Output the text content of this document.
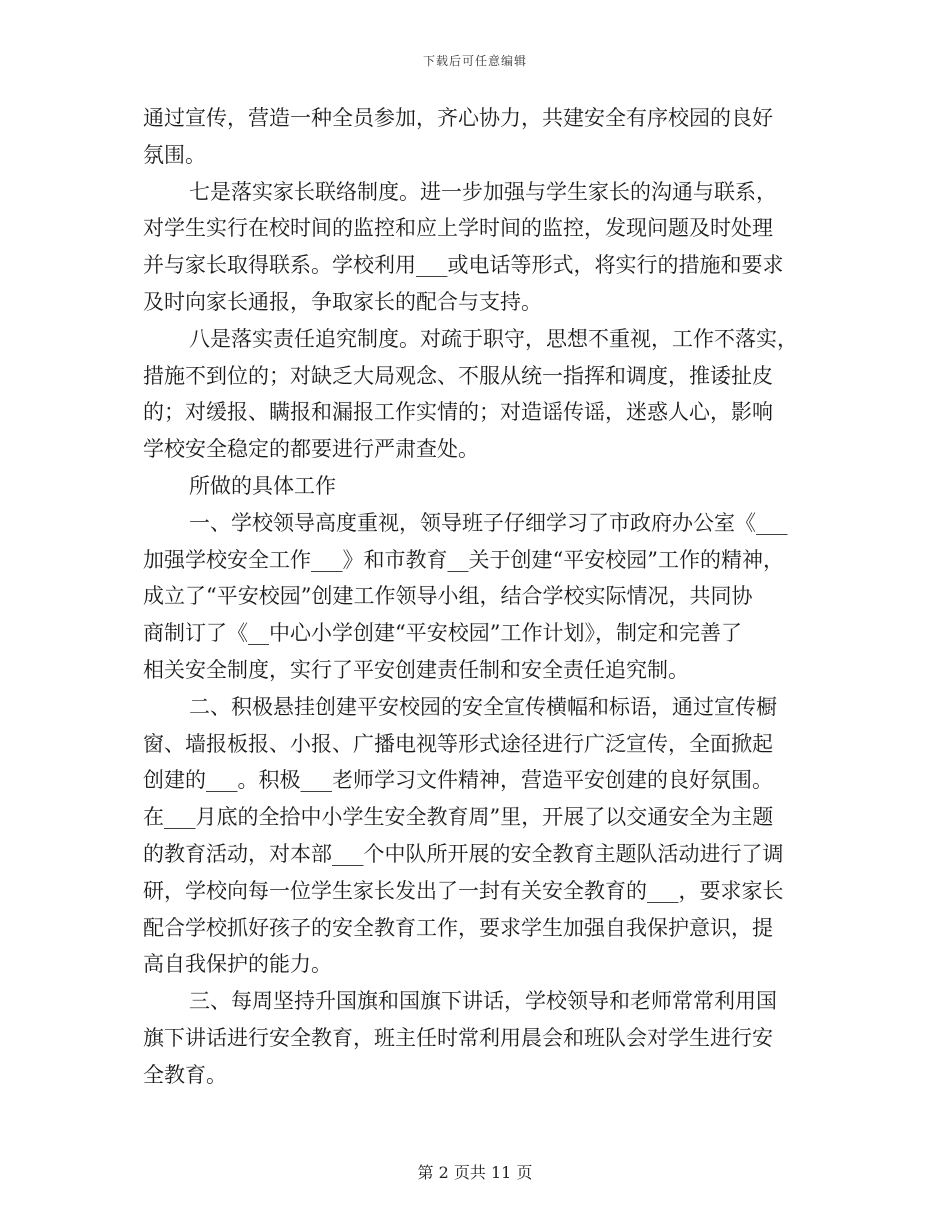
下载后可任意编辑
通过宣传，营造一种全员参加，齐心协力，共建安全有序校园的良好
氛围。
七是落实家长联络制度。进一步加强与学生家长的沟通与联系，
对学生实行在校时间的监控和应上学时间的监控，发现问题及时处理
并与家长取得联系。学校利用___或电话等形式，将实行的措施和要求
及时向家长通报，争取家长的配合与支持。
八是落实责任追究制度。对疏于职守，思想不重视，工作不落实，
措施不到位的；对缺乏大局观念、不服从统一指挥和调度，推诿扯皮
的；对缓报、瞒报和漏报工作实情的；对造谣传谣，迷惑人心，影响
学校安全稳定的都要进行严肃查处。
所做的具体工作
一、学校领导高度重视，领导班子仔细学习了市政府办公室《___
加强学校安全工作___》和市教育__关于创建“平安校园”工作的精神，
成立了“平安校园”创建工作领导小组，结合学校实际情况，共同协
商制订了《__中心小学创建“平安校园”工作计划》，制定和完善了
相关安全制度，实行了平安创建责任制和安全责任追究制。
二、积极悬挂创建平安校园的安全宣传横幅和标语，通过宣传橱
窗、墙报板报、小报、广播电视等形式途径进行广泛宣传，全面掀起
创建的___。积极___老师学习文件精神，营造平安创建的良好氛围。
在___月底的全拾中小学生安全教育周”里，开展了以交通安全为主题
的教育活动，对本部___个中队所开展的安全教育主题队活动进行了调
研，学校向每一位学生家长发出了一封有关安全教育的___，要求家长
配合学校抓好孩子的安全教育工作，要求学生加强自我保护意识，提
高自我保护的能力。
三、每周坚持升国旗和国旗下讲话，学校领导和老师常常利用国
旗下讲话进行安全教育，班主任时常利用晨会和班队会对学生进行安
全教育。
第 2 页共 11 页
